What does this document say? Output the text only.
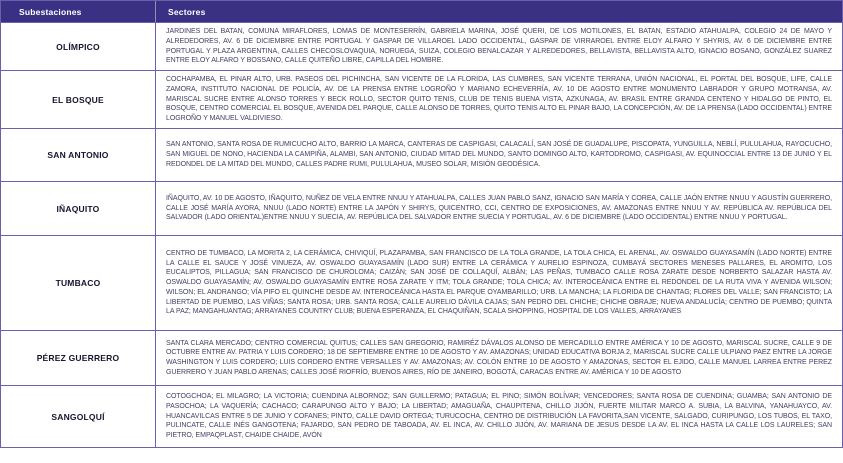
Subestaciones	Sectores
OLÍMPICO
JARDINES DEL BATAN, COMUNA MIRAFLORES, LOMAS DE MONTESERRÍN, GABRIELA MARINA, JOSÉ QUERI, DE LOS MOTILONES, EL BATAN, ESTADIO ATAHUALPA, COLEGIO 24 DE MAYO Y ALREDEDORES, AV. 6 DE DICIEMBRE ENTRE PORTUGAL Y GASPAR DE VILLAROEL LADO OCCIDENTAL, GASPAR DE VIRRAROEL ENTRE ELOY ALFARO Y SHYRIS, AV. 6 DE DICIEMBRE ENTRE PORTUGAL Y PLAZA ARGENTINA, CALLES CHECOSLOVAQUIA, NORUEGA, SUIZA, COLEGIO BENALCAZAR Y ALREDEDORES, BELLAVISTA, BELLAVISTA ALTO, IGNACIO BOSANO, GONZÁLEZ SUAREZ ENTRE ELOY ALFARO Y BOSSANO, CALLE QUITEÑO LIBRE, CAPILLA DEL HOMBRE.
EL BOSQUE
COCHAPAMBA, EL PINAR ALTO, URB. PASEOS DEL PICHINCHA, SAN VICENTE DE LA FLORIDA, LAS CUMBRES, SAN VICENTE TERRANA, UNIÓN NACIONAL, EL PORTAL DEL BOSQUE, LIFE, CALLE ZAMORA, INSTITUTO NACIONAL DE POLICÍA, AV. DE LA PRENSA ENTRE LOGROÑO Y MARIANO ECHEVERRÍA, AV. 10 DE AGOSTO ENTRE MONUMENTO LABRADOR Y GRUPO MOTRANSA, AV. MARISCAL SUCRE ENTRE ALONSO TORRES Y BECK ROLLO, SECTOR QUITO TENIS, CLUB DE TENIS BUENA VISTA, AZKUNAGA, AV. BRASIL ENTRE GRANDA CENTENO Y HIDALGO DE PINTO, EL BOSQUE, CENTRO COMERCIAL EL BOSQUE, AVENIDA DEL PARQUE, CALLE ALONSO DE TORRES, QUITO TENIS ALTO EL PINAR BAJO, LA CONCEPCIÓN, AV. DE LA PRENSA (LADO OCCIDENTAL) ENTRE LOGROÑO Y MANUEL VALDIVIESO.
SAN ANTONIO
SAN ANTONIO, SANTA ROSA DE RUMICUCHO ALTO, BARRIO LA MARCA, CANTERAS DE CASPIGASI, CALACALÍ, SAN JOSÉ DE GUADALUPE, PISCOPATA, YUNGUILLA, NEBLÍ, PULULAHUA, RAYOCUCHO, SAN MIGUEL DE NONO, HACIENDA LA CAMPIÑA, ALAMBI, SAN ANTONIO, CIUDAD MITAD DEL MUNDO, SANTO DOMINGO ALTO, KARTODROMO, CASPIGASI, AV. EQUINOCCIAL ENTRE 13 DE JUNIO Y EL REDONDEL DE LA MITAD DEL MUNDO, CALLES PADRE RUMI, PULULAHUA, MUSEO SOLAR, MISIÓN GEODÉSICA.
IÑAQUITO
IÑAQUITO, AV. 10 DE AGOSTO, IÑAQUITO, NUÑEZ DE VELA ENTRE NNUU Y ATAHUALPA, CALLES JUAN PABLO SANZ, IGNACIO SAN MARÍA Y COREA, CALLE JAÓN ENTRE NNUU Y AGUSTÍN GUERRERO, CALLE JOSÉ MARÍA AYORA, NNUU (LADO NORTE) ENTRE LA JAPÓN Y SHIRYS, QUICENTRO, CCI, CENTRO DE EXPOSICIONES, AV. AMAZONAS ENTRE NNUU Y AV. REPÚBLICA AV. REPÚBLICA DEL SALVADOR (LADO ORIENTAL)ENTRE NNUU Y SUECIA, AV. REPÚBLICA DEL SALVADOR ENTRE SUECIA Y PORTUGAL, AV. 6 DE DICIEMBRE (LADO OCCIDENTAL) ENTRE NNUU Y PORTUGAL.
TUMBACO
CENTRO DE TUMBACO, LA MORITA 2, LA CERÁMICA, CHIVIQUÍ, PLAZAPAMBA, SAN FRANCISCO DE LA TOLA GRANDE, LA TOLA CHICA, EL ARENAL, AV. OSWALDO GUAYASAMÍN (LADO NORTE) ENTRE LA CALLE EL SAUCE Y JOSÉ VINUEZA, AV. OSWALDO GUAYASAMÍN (LADO SUR) ENTRE LA CERÁMICA Y AURELIO ESPINOZA, CUMBAYÁ SECTORES MENESES PALLARES, EL AROMITO, LOS EUCALIPTOS, PILLAGUA; SAN FRANCISCO DE CHUROLOMA; CAIZÁN; SAN JOSÉ DE COLLAQUÍ, ALBÁN; LAS PEÑAS, TUMBACO CALLE ROSA ZARATE DESDE NORBERTO SALAZAR HASTA AV. OSWALDO GUAYASAMÍN; AV. OSWALDO GUAYASAMÍN ENTRE ROSA ZARATE Y ITM; TOLA GRANDE; TOLA CHICA; AV. INTEROCEÁNICA ENTRE EL REDONDEL DE LA RUTA VIVA Y AVENIDA WILSON; WILSON; EL ANDRANGO; VÍA PIFO EL QUINCHE DESDE AV. INTEROCEÁNICA HASTA EL PARQUE OYAMBARILLO; URB. LA MANCHA; LA FLORIDA DE CHANTAG; FLORES DEL VALLE; SAN FRANCISTO; LA LIBERTAD DE PUEMBO, LAS VIÑAS; SANTA ROSA; URB. SANTA ROSA; CALLE AURELIO DÁVILA CAJAS; SAN PEDRO DEL CHICHE; CHICHE OBRAJE; NUEVA ANDALUCÍA; CENTRO DE PUEMBO; QUINTA LA PAZ; MANGAHUANTAG; ARRAYANES COUNTRY CLUB; BUENA ESPERANZA, EL CHAQUIÑAN, SCALA SHOPPING, HOSPITAL DE LOS VALLES, ARRAYANES
PÉREZ GUERRERO
SANTA CLARA MERCADO; CENTRO COMERCIAL QUITUS; CALLES SAN GREGORIO, RAMIRÉZ DÁVALOS ALONSO DE MERCADILLO ENTRE AMÉRICA Y 10 DE AGOSTO, MARISCAL SUCRE, CALLE 9 DE OCTUBRE ENTRE AV. PATRIA Y LUIS CORDERO; 18 DE SEPTIEMBRE ENTRE 10 DE AGOSTO Y AV. AMAZONAS; UNIDAD EDUCATIVA BORJA 2, MARISCAL SUCRE CALLE ULPIANO PAEZ ENTRE LA JORGE WASHINGTON Y LUIS CORDERO; LUIS CORDERO ENTRE VERSALLES Y AV. AMAZONAS; AV. COLÓN ENTRE 10 DE AGOSTO Y AMAZONAS, SECTOR EL EJIDO, CALLE MANUEL LARREA ENTRE PEREZ GUERRERO Y JUAN PABLO ARENAS; CALLES JOSÉ RIOFRÍO, BUENOS AIRES, RÍO DE JANEIRO, BOGOTÁ, CARACAS ENTRE AV. AMÉRICA Y 10 DE AGOSTO
SANGOLQUÍ
COTOGCHOA; EL MILAGRO; LA VICTORIA; CUENDINA ALBORNOZ; SAN GUILLERMO; PATAGUA; EL PINO; SIMÓN BOLÍVAR; VENCEDORES; SANTA ROSA DE CUENDINA; GUAMBA; SAN ANTONIO DE PASOCHOA; LA VAQUERÍA; CACHACO; CARAPUNGO ALTO Y BAJO; LA LIBERTAD; AMAGUAÑA, CHAUPITENA, CHILLO JIJÓN, FUERTE MILITAR MARCO A. SUBIA, LA BALVINA, YANAHUAYCO, AV. HUANCAVILCAS ENTRE 5 DE JUNIO Y COFANES; PINTO, CALLE DAVID ORTEGA; TURUCOCHA, CENTRO DE DISTRIBUCIÓN LA FAVORITA,SAN VICENTE, SALGADO, CURIPUNGO, LOS TUBOS, EL TAXO, PULINCATE, CALLE INÉS GANGOTENA; FAJARDO, SAN PEDRO DE TABOADA, AV. EL INCA, AV. CHILLO JIJÓN, AV. MARIANA DE JESUS DESDE LA AV. EL INCA HASTA LA CALLE LOS LAURELES; SAN PIETRO, EMPAQPLAST, CHAIDE CHAIDE, AVÓN
